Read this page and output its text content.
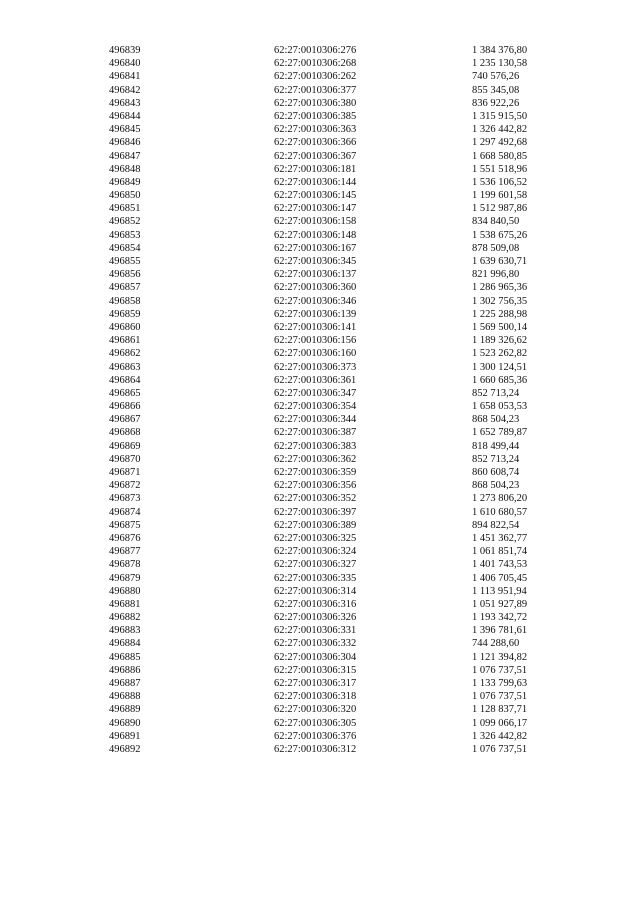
496839	62:27:0010306:276	1 384 376,80
496840	62:27:0010306:268	1 235 130,58
496841	62:27:0010306:262	740 576,26
496842	62:27:0010306:377	855 345,08
496843	62:27:0010306:380	836 922,26
496844	62:27:0010306:385	1 315 915,50
496845	62:27:0010306:363	1 326 442,82
496846	62:27:0010306:366	1 297 492,68
496847	62:27:0010306:367	1 668 580,85
496848	62:27:0010306:181	1 551 518,96
496849	62:27:0010306:144	1 536 106,52
496850	62:27:0010306:145	1 199 601,58
496851	62:27:0010306:147	1 512 987,86
496852	62:27:0010306:158	834 840,50
496853	62:27:0010306:148	1 538 675,26
496854	62:27:0010306:167	878 509,08
496855	62:27:0010306:345	1 639 630,71
496856	62:27:0010306:137	821 996,80
496857	62:27:0010306:360	1 286 965,36
496858	62:27:0010306:346	1 302 756,35
496859	62:27:0010306:139	1 225 288,98
496860	62:27:0010306:141	1 569 500,14
496861	62:27:0010306:156	1 189 326,62
496862	62:27:0010306:160	1 523 262,82
496863	62:27:0010306:373	1 300 124,51
496864	62:27:0010306:361	1 660 685,36
496865	62:27:0010306:347	852 713,24
496866	62:27:0010306:354	1 658 053,53
496867	62:27:0010306:344	868 504,23
496868	62:27:0010306:387	1 652 789,87
496869	62:27:0010306:383	818 499,44
496870	62:27:0010306:362	852 713,24
496871	62:27:0010306:359	860 608,74
496872	62:27:0010306:356	868 504,23
496873	62:27:0010306:352	1 273 806,20
496874	62:27:0010306:397	1 610 680,57
496875	62:27:0010306:389	894 822,54
496876	62:27:0010306:325	1 451 362,77
496877	62:27:0010306:324	1 061 851,74
496878	62:27:0010306:327	1 401 743,53
496879	62:27:0010306:335	1 406 705,45
496880	62:27:0010306:314	1 113 951,94
496881	62:27:0010306:316	1 051 927,89
496882	62:27:0010306:326	1 193 342,72
496883	62:27:0010306:331	1 396 781,61
496884	62:27:0010306:332	744 288,60
496885	62:27:0010306:304	1 121 394,82
496886	62:27:0010306:315	1 076 737,51
496887	62:27:0010306:317	1 133 799,63
496888	62:27:0010306:318	1 076 737,51
496889	62:27:0010306:320	1 128 837,71
496890	62:27:0010306:305	1 099 066,17
496891	62:27:0010306:376	1 326 442,82
496892	62:27:0010306:312	1 076 737,51
